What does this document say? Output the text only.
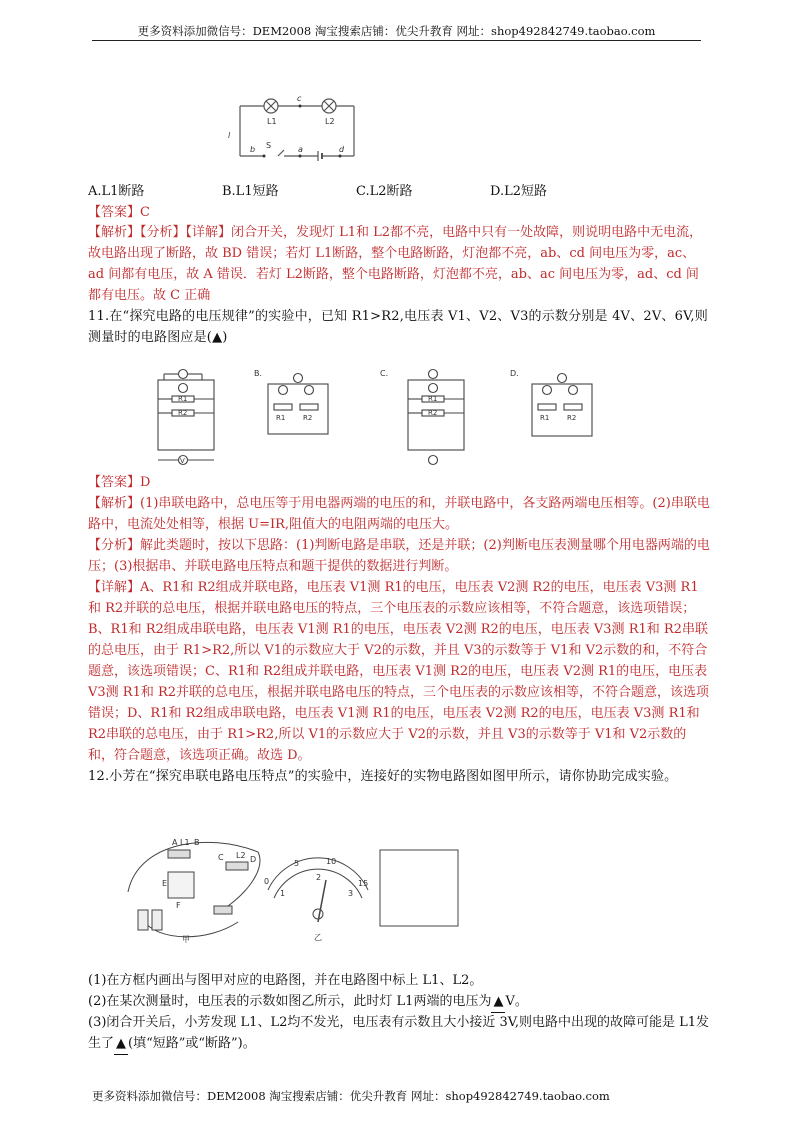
更多资料添加微信号：DEM2008 淘宝搜索店铺：优尖升教育 网址：shop492842749.taobao.com
L1
c
L2
l
b S	a	d
A.L1断路	B.L1短路	C.L2断路	D.L2短路
【答案】C
【解析】【分析】【详解】闭合开关，发现灯 L1和 L2都不亮，电路中只有一处故障，则说明电路中无电流，故电路出现了断路，故 BD 错误；若灯 L1断路，整个电路断路，灯泡都不亮，ab、cd 间电压为零，ac、ad 间都有电压，故 A 错误．若灯 L2断路，整个电路断路，灯泡都不亮，ab、ac 间电压为零，ad、cd 间都有电压。故 C 正确
11.在“探究电路的电压规律”的实验中，已知 R1>R2,电压表 V1、V2、V3的示数分别是 4V、2V、6V,则测量时的电路图应是(▲)
R1
R2
V
B．
R1	R2
C．
R1
R2
D．
R1	R2
【答案】D
【解析】(1)串联电路中，总电压等于用电器两端的电压的和，并联电路中，各支路两端电压相等。(2)串联电路中，电流处处相等，根据 U=IR,阻值大的电阻两端的电压大。
【分析】解此类题时，按以下思路：(1)判断电路是串联，还是并联；(2)判断电压表测量哪个用电器两端的电压；(3)根据串、并联电路电压特点和题干提供的数据进行判断。
【详解】A、R1和 R2组成并联电路，电压表 V1测 R1的电压，电压表 V2测 R2的电压，电压表 V3测 R1和 R2并联的总电压，根据并联电路电压的特点，三个电压表的示数应该相等，不符合题意，该选项错误；B、R1和 R2组成串联电路，电压表 V1测 R1的电压，电压表 V2测 R2的电压，电压表 V3测 R1和 R2串联的总电压，由于 R1>R2,所以 V1的示数应大于 V2的示数，并且 V3的示数等于 V1和 V2示数的和，不符合题意，该选项错误；C、R1和 R2组成并联电路，电压表 V1测 R2的电压，电压表 V2测 R1的电压，电压表 V3测 R1和 R2并联的总电压，根据并联电路电压的特点，三个电压表的示数应该相等，不符合题意，该选项错误；D、R1和 R2组成串联电路，电压表 V1测 R1的电压，电压表 V2测 R2的电压，电压表 V3测 R1和 R2串联的总电压，由于 R1>R2,所以 V1的示数应大于 V2的示数，并且 V3的示数等于 V1和 V2示数的和，符合题意，该选项正确。故选 D。
12.小芳在“探究串联电路电压特点”的实验中，连接好的实物电路图如图甲所示，请你协助完成实验。
A L1 B
C L2 D
E
F
甲
0
5	10
15
1
2
3
乙
(1)在方框内画出与图甲对应的电路图，并在电路图中标上 L1、L2。
(2)在某次测量时，电压表的示数如图乙所示，此时灯 L1两端的电压为 ▲ V。
(3)闭合开关后，小芳发现 L1、L2均不发光，电压表有示数且大小接近 3V,则电路中出现的故障可能是 L1发生了 ▲ (填“短路”或“断路”)。
更多资料添加微信号：DEM2008 淘宝搜索店铺：优尖升教育 网址：shop492842749.taobao.com
